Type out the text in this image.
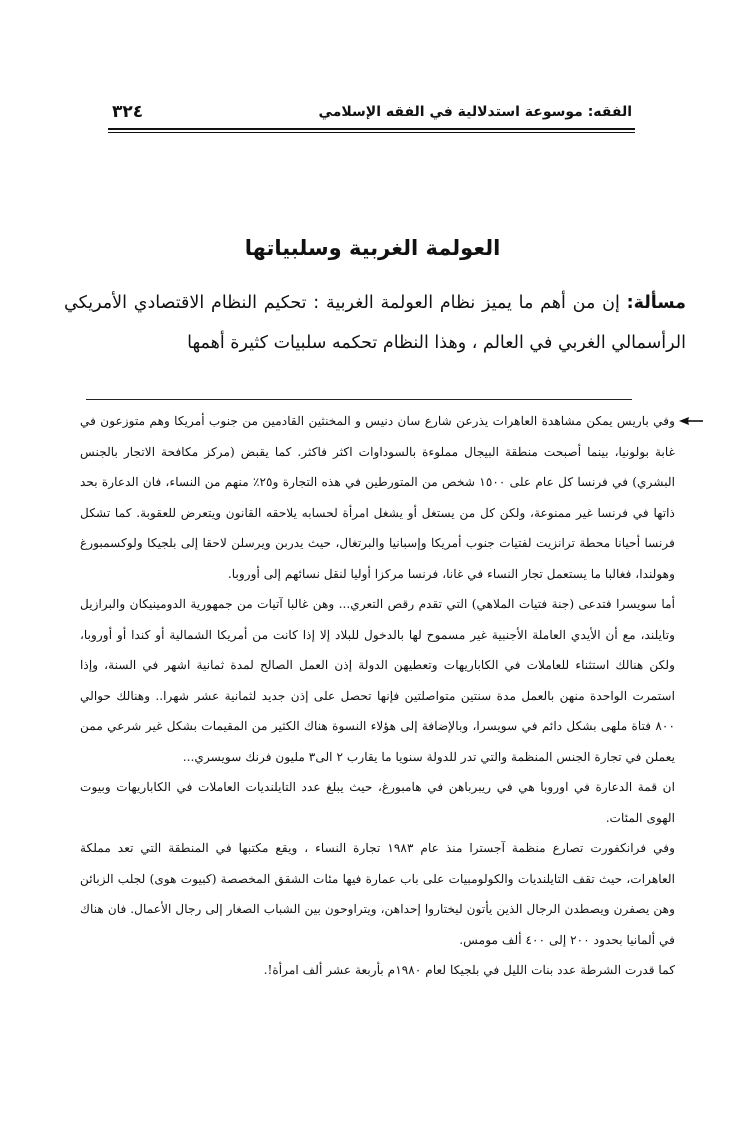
الفقه: موسوعة استدلالية في الفقه الإسلامي
٣٢٤
العولمة الغربية وسلبياتها
مسألة: إن من أهم ما يميز نظام العولمة الغربية : تحكيم النظام الاقتصادي الأمريكي الرأسمالي الغربي في العالم ، وهذا النظام تحكمه سلبيات كثيرة أهمها

وفي باريس يمكن مشاهدة العاهرات يذرعن شارع سان دنيس و المخنثين القادمين من جنوب أمريكا وهم متوزعون في غابة بولونيا، بينما أصبحت منطقة البيجال مملوءة بالسوداوات اكثر فاكثر. كما يقبض (مركز مكافحة الاتجار بالجنس البشري) في فرنسا كل عام على ١٥٠٠ شخص من المتورطين في هذه التجارة و٢٥٪ منهم من النساء، فان الدعارة بحد ذاتها في فرنسا غير ممنوعة، ولكن كل من يستغل أو يشغل امرأة لحسابه يلاحقه القانون ويتعرض للعقوبة. كما تشكل فرنسا أحيانا محطة ترانزيت لفتيات جنوب أمريكا وإسبانيا والبرتغال، حيث يدربن ويرسلن لاحقا إلى بلجيكا ولوكسمبورغ وهولندا، فغالبا ما يستعمل تجار النساء في غانا، فرنسا مركزا أوليا لنقل نسائهم إلى أوروبا.

أما سويسرا فتدعى (جنة فتيات الملاهي) التي تقدم رقص التعري... وهن غالبا آتيات من جمهورية الدومينيكان والبرازيل وتايلند، مع أن الأيدي العاملة الأجنبية غير مسموح لها بالدخول للبلاد إلا إذا كانت من أمريكا الشمالية أو كندا أو أوروبا، ولكن هنالك استثناء للعاملات في الكاباريهات وتعطيهن الدولة إذن العمل الصالح لمدة ثمانية اشهر في السنة، وإذا استمرت الواحدة منهن بالعمل مدة سنتين متواصلتين فإنها تحصل على إذن جديد لثمانية عشر شهرا.. وهنالك حوالي ٨٠٠ فتاة ملهى بشكل دائم في سويسرا، وبالإضافة إلى هؤلاء النسوة هناك الكثير من المقيمات بشكل غير شرعي ممن يعملن في تجارة الجنس المنظمة والتي تدر للدولة سنويا ما يقارب ٢ الى٣ مليون فرنك سويسري...

ان قمة الدعارة في اوروبا هي في ريبرباهن في هامبورغ، حيث يبلغ عدد التايلنديات العاملات في الكاباريهات وبيوت الهوى المئات.

وفي فرانكفورت تصارع منظمة آجسترا منذ عام ١٩٨٣ تجارة النساء ، ويقع مكتبها في المنطقة التي تعد مملكة العاهرات، حيث تقف التايلنديات والكولومبيات على باب عمارة فيها مئات الشقق المخصصة (كبيوت هوى) لجلب الزبائن وهن يصفرن ويصطدن الرجال الذين يأتون ليختاروا إحداهن، ويتراوحون بين الشباب الصغار إلى رجال الأعمال. فان هناك في ألمانيا بحدود ٢٠٠ إلى ٤٠٠ ألف مومس.

كما قدرت الشرطة عدد بنات الليل في بلجيكا لعام ١٩٨٠م بأربعة عشر ألف امرأة!.
